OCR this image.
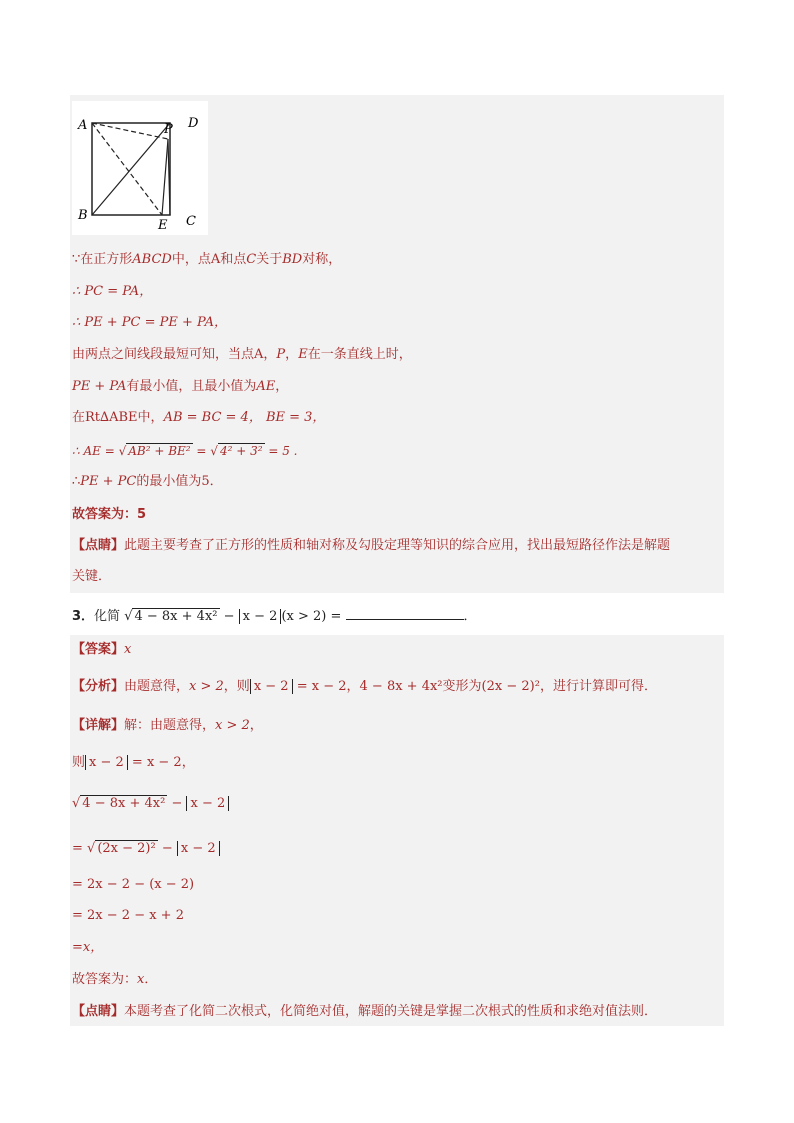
A	P D
B
E C
∵在正方形ABCD中，点A和点C关于BD对称，
∴ PC = PA，
∴ PE + PC = PE + PA，
由两点之间线段最短可知，当点A，P，E在一条直线上时，
PE + PA有最小值，且最小值为AE，
在Rt∆ABE中，AB = BC = 4， BE = 3，
∴ AE = √ AB² + BE² = √ 4² + 3² = 5 .
∴PE + PC的最小值为5．
故答案为：5
【点睛】此题主要考查了正方形的性质和轴对称及勾股定理等知识的综合应用，找出最短路径作法是解题
关键．
3．化简 √ 4 − 8x + 4x² − x − 2 (x > 2) =	．
【答案】x
【分析】由题意得，x > 2，则 x − 2 = x − 2，4 − 8x + 4x²变形为(2x − 2)²，进行计算即可得．
【详解】解：由题意得，x > 2，
则 x − 2 = x − 2，
√ 4 − 8x + 4x² − x − 2
= √ (2x − 2)² − x − 2
= 2x − 2 − (x − 2)
= 2x − 2 − x + 2
=x，
故答案为：x．
【点睛】本题考查了化简二次根式，化简绝对值，解题的关键是掌握二次根式的性质和求绝对值法则．
